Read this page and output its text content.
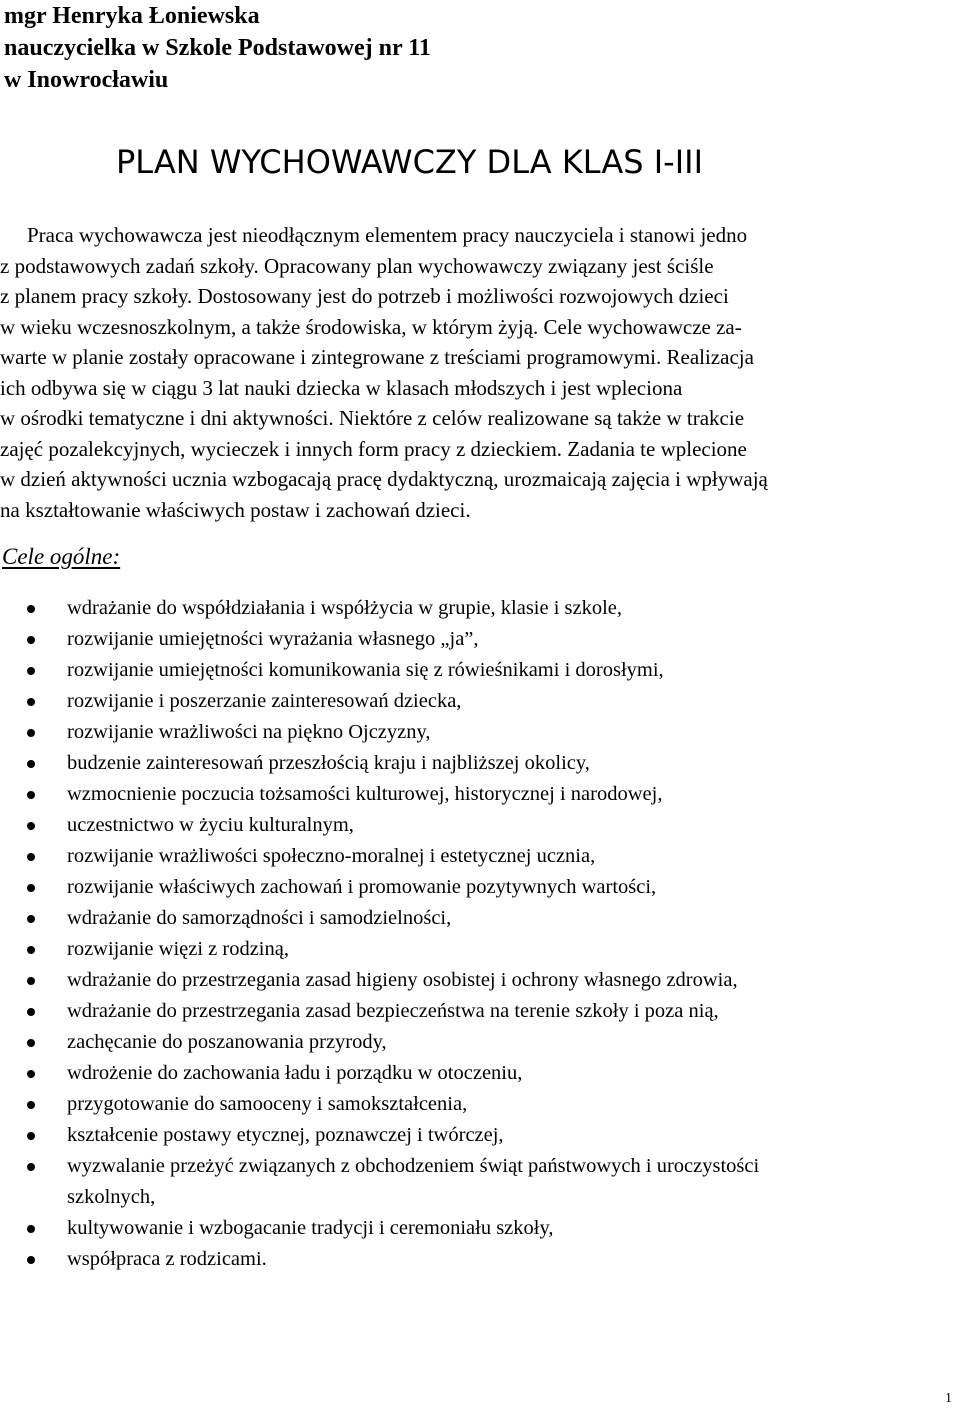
mgr Henryka Łoniewska
nauczycielka w Szkole Podstawowej nr 11
w Inowrocławiu
PLAN WYCHOWAWCZY DLA KLAS I-III
Praca wychowawcza jest nieodłącznym elementem pracy nauczyciela i stanowi jedno
z podstawowych zadań szkoły. Opracowany plan wychowawczy związany jest ściśle
z planem pracy szkoły. Dostosowany jest do potrzeb i możliwości rozwojowych dzieci
w wieku wczesnoszkolnym, a także środowiska, w którym żyją. Cele wychowawcze za-
warte w planie zostały opracowane i zintegrowane z treściami programowymi. Realizacja
ich odbywa się w ciągu 3 lat nauki dziecka w klasach młodszych i jest wpleciona
w ośrodki tematyczne i dni aktywności. Niektóre z celów realizowane są także w trakcie
zajęć pozalekcyjnych, wycieczek i innych form pracy z dzieckiem. Zadania te wplecione
w dzień aktywności ucznia wzbogacają pracę dydaktyczną, urozmaicają zajęcia i wpływają
na kształtowanie właściwych postaw i zachowań dzieci.
Cele ogólne:
wdrażanie do współdziałania i współżycia w grupie, klasie i szkole,
rozwijanie umiejętności wyrażania własnego „ja”,
rozwijanie umiejętności komunikowania się z rówieśnikami i dorosłymi,
rozwijanie i poszerzanie zainteresowań dziecka,
rozwijanie wrażliwości na piękno Ojczyzny,
budzenie zainteresowań przeszłością kraju i najbliższej okolicy,
wzmocnienie poczucia tożsamości kulturowej, historycznej i narodowej,
uczestnictwo w życiu kulturalnym,
rozwijanie wrażliwości społeczno-moralnej i estetycznej ucznia,
rozwijanie właściwych zachowań i promowanie pozytywnych wartości,
wdrażanie do samorządności i samodzielności,
rozwijanie więzi z rodziną,
wdrażanie do przestrzegania zasad higieny osobistej i ochrony własnego zdrowia,
wdrażanie do przestrzegania zasad bezpieczeństwa na terenie szkoły i poza nią,
zachęcanie do poszanowania przyrody,
wdrożenie do zachowania ładu i porządku w otoczeniu,
przygotowanie do samooceny i samokształcenia,
kształcenie postawy etycznej, poznawczej i twórczej,
wyzwalanie przeżyć związanych z obchodzeniem świąt państwowych i uroczystości
szkolnych,
kultywowanie i wzbogacanie tradycji i ceremoniału szkoły,
współpraca z rodzicami.
1
